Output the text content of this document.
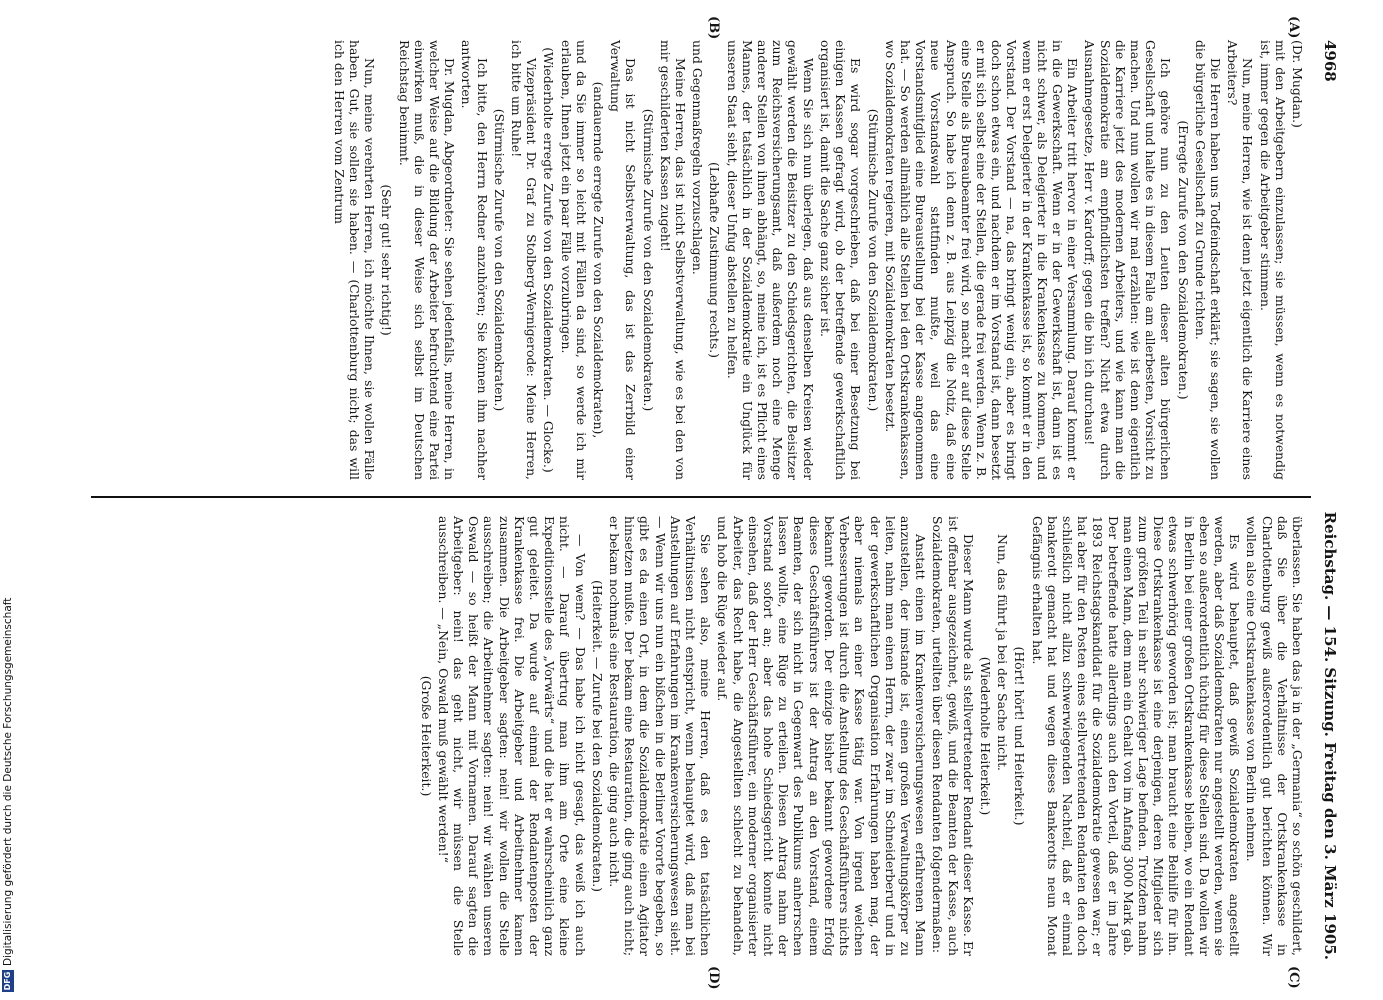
4968
Reichstag. — 154. Sitzung. Freitag den 3. März 1905.
(A)
(B)
(C)
(D)

(Dr. Mugdan.)

mit den Arbeitgebern einzulassen; sie müssen, wenn es notwendig ist, immer gegen die Arbeitgeber stimmen.

Nun, meine Herren, wie ist denn jetzt eigentlich die Karriere eines Arbeiters?

Die Herren haben uns Todfeindschaft erklärt; sie sagen, sie wollen die bürgerliche Gesellschaft zu Grunde richten.

(Erregte Zurufe von den Sozialdemokraten.)

Ich gehöre nun zu den Leuten dieser alten bürgerlichen Gesellschaft und halte es in diesem Falle am allerbesten, Vorsicht zu machen. Und nun wollen wir mal erzählen: wie ist denn eigentlich die Karriere jetzt des modernen Arbeiters, und wie kann man die Sozialdemokratie am empfindlichsten treffen? Nicht etwa durch Ausnahmegesetze, Herr v. Kardorff; gegen die bin ich durchaus!

Ein Arbeiter tritt hervor in einer Versammlung. Darauf kommt er in die Gewerkschaft. Wenn er in der Gewerkschaft ist, dann ist es nicht schwer, als Delegierter in die Krankenkasse zu kommen, und wenn er erst Delegierter in der Krankenkasse ist, so kommt er in den Vorstand. Der Vorstand — na, das bringt wenig ein, aber es bringt doch schon etwas ein, und nachdem er im Vorstand ist, dann besetzt er mit sich selbst eine der Stellen, die gerade frei werden. Wenn z. B. eine Stelle als Bureaubeamter frei wird, so macht er auf diese Stelle Anspruch. So habe ich denn z. B. aus Leipzig die Notiz, daß eine neue Vorstandswahl stattfinden mußte, weil das eine Vorstandsmitglied eine Bureaustellung bei der Kasse angenommen hat. — So werden allmählich alle Stellen bei den Ortskrankenkassen, wo Sozialdemokraten regieren, mit Sozialdemokraten besetzt.

(Stürmische Zurufe von den Sozialdemokraten.)

Es wird sogar vorgeschrieben, daß bei einer Besetzung bei einigen Kassen gefragt wird, ob der betreffende gewerkschaftlich organisiert ist, damit die Sache ganz sicher ist.

Wenn Sie sich nun überlegen, daß aus denselben Kreisen wieder gewählt werden die Beisitzer zu den Schiedsgerichten, die Beisitzer zum Reichsversicherungsamt, daß außerdem noch eine Menge anderer Stellen von ihnen abhängt, so, meine ich, ist es Pflicht eines Mannes, der tatsächlich in der Sozialdemokratie ein Unglück für unseren Staat sieht, dieser Unfug abstellen zu helfen.

(Lebhafte Zustimmung rechts.)

und Gegenmaßregeln vorzuschlagen.

Meine Herren, das ist nicht Selbstverwaltung, wie es bei den von mir geschilderten Kassen zugeht!

(Stürmische Zurufe von den Sozialdemokraten.)

Das ist nicht Selbstverwaltung, das ist das Zerrbild einer Verwaltung

(andauernde erregte Zurufe von den Sozialdemokraten),

und da Sie immer so leicht mit Fällen da sind, so werde ich mir erlauben, Ihnen jetzt ein paar Fälle vorzubringen.

(Wiederholte erregte Zurufe von den Sozialdemokraten. — Glocke.)

Vizepräsident Dr. Graf zu Stolberg-Wernigerode: Meine Herren, ich bitte um Ruhe!

(Stürmische Zurufe von den Sozialdemokraten.)

Ich bitte, den Herrn Redner anzuhören; Sie können ihm nachher antworten.

Dr. Mugdan, Abgeordneter: Sie sehen jedenfalls, meine Herren, in welcher Weise auf die Bildung der Arbeiter befruchtend eine Partei einwirken muß, die in dieser Weise sich selbst im Deutschen Reichstag benimmt.

(Sehr gut! sehr richtig!)

Nun, meine verehrten Herren, ich möchte Ihnen, sie wollen Fälle haben. Gut, sie sollen sie haben. — (Charlottenburg nicht; das will ich den Herren vom Zentrum

überlassen. Sie haben das ja in der „Germania“ so schön geschildert, daß Sie über die Verhältnisse der Ortskrankenkasse in Charlottenburg gewiß außerordentlich gut berichten können. Wir wollen also eine Ortskrankenkasse von Berlin nehmen.

Es wird behauptet, daß gewiß Sozialdemokraten angestellt werden, aber daß Sozialdemokraten nur angestellt werden, wenn sie eben so außerordentlich tüchtig für diese Stellen sind. Da wollen wir in Berlin bei einer großen Ortskrankenkasse bleiben, wo ein Rendant etwas schwerhörig geworden ist; man braucht eine Beihilfe für ihn. Diese Ortskrankenkasse ist eine derjenigen, deren Mitglieder sich zum größten Teil in sehr schwieriger Lage befinden. Trotzdem nahm man einen Mann, dem man ein Gehalt von im Anfang 3000 Mark gab. Der betreffende hatte allerdings auch den Vorteil, daß er im Jahre 1893 Reichstagskandidat für die Sozialdemokratie gewesen war; er hat aber für den Posten eines stellvertretenden Rendanten den doch schließlich nicht allzu schwerwiegenden Nachteil, daß er einmal bankerott gemacht hat und wegen dieses Bankerotts neun Monat Gefängnis erhalten hat.

(Hört! hört! und Heiterkeit.)

Nun, das führt ja bei der Sache nicht.

(Wiederholte Heiterkeit.)

Dieser Mann wurde als stellvertretender Rendant dieser Kasse. Er ist offenbar ausgezeichnet, gewiß, und die Beamten der Kasse, auch Sozialdemokraten, urteilten über diesen Rendanten folgendermaßen:

Anstatt einen im Krankenversicherungswesen erfahrenen Mann anzustellen, der imstande ist, einen großen Verwaltungskörper zu leiten, nahm man einen Herrn, der zwar im Schneiderberuf und in der gewerkschaftlichen Organisation Erfahrungen haben mag, der aber niemals an einer Kasse tätig war. Von irgend welchen Verbesserungen ist durch die Anstellung des Geschäftsführers nichts bekannt geworden. Der einzige bisher bekannt gewordene Erfolg dieses Geschäftsführers ist der Antrag an den Vorstand, einem Beamten, der sich nicht in Gegenwart des Publikums anherrschen lassen wollte, eine Rüge zu erteilen. Diesen Antrag nahm der Vorstand sofort an; aber das hohe Schiedsgericht konnte nicht einsehen, daß der Herr Geschäftsführer, ein moderner organisierter Arbeiter, das Recht habe, die Angestellten schlecht zu behandeln, und hob die Rüge wieder auf.

Sie sehen also, meine Herren, daß es den tatsächlichen Verhältnissen nicht entspricht, wenn behauptet wird, daß man bei Anstellungen auf Erfahrungen im Krankenversicherungswesen sieht. — Wenn wir uns nun ein bißchen in die Berliner Vororte begeben, so gibt es da einen Ort, in dem die Sozialdemokratie einen Agitator hinsetzen mußte. Der bekam eine Restauration, die ging auch nicht; er bekam nochmals eine Restauration, die ging auch nicht.

(Heiterkeit. — Zurufe bei den Sozialdemokraten.)

— Von wem? — Das habe ich nicht gesagt, das weiß ich auch nicht. — Darauf übertrug man ihm am Orte eine kleine Expeditionsstelle des „Vorwärts“ und die hat er wahrscheinlich ganz gut geleitet. Da wurde auf einmal der Rendantenposten der Krankenkasse frei. Die Arbeitgeber und Arbeitnehmer kamen zusammen. Die Arbeitgeber sagten: nein! wir wollen die Stelle ausschreiben; die Arbeitnehmer sagten: nein! wir wählen unseren Oswald — so heißt der Mann mit Vornamen. Darauf sagten die Arbeitgeber: nein! das geht nicht, wir müssen die Stelle ausschreiben. — „Nein, Oswald muß gewählt werden!“

(Große Heiterkeit.)

DFG
Digitalisierung gefördert durch die Deutsche Forschungsgemeinschaft
